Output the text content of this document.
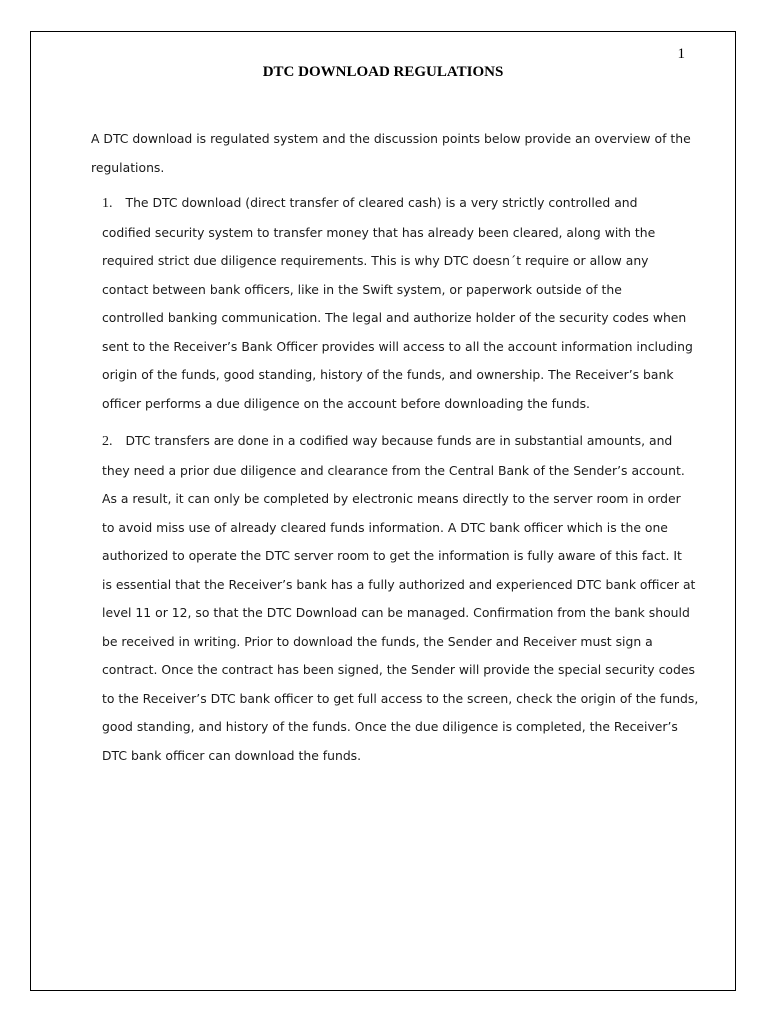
1
DTC DOWNLOAD REGULATIONS

A DTC download is regulated system and the discussion points below provide an overview of the
regulations.

1. The DTC download (direct transfer of cleared cash) is a very strictly controlled and
codified security system to transfer money that has already been cleared, along with the
required strict due diligence requirements. This is why DTC doesn´t require or allow any
contact between bank officers, like in the Swift system, or paperwork outside of the
controlled banking communication. The legal and authorize holder of the security codes when
sent to the Receiver’s Bank Officer provides will access to all the account information including
origin of the funds, good standing, history of the funds, and ownership. The Receiver’s bank
officer performs a due diligence on the account before downloading the funds.

2. DTC transfers are done in a codified way because funds are in substantial amounts, and
they need a prior due diligence and clearance from the Central Bank of the Sender’s account.
As a result, it can only be completed by electronic means directly to the server room in order
to avoid miss use of already cleared funds information. A DTC bank officer which is the one
authorized to operate the DTC server room to get the information is fully aware of this fact. It
is essential that the Receiver’s bank has a fully authorized and experienced DTC bank officer at
level 11 or 12, so that the DTC Download can be managed. Confirmation from the bank should
be received in writing. Prior to download the funds, the Sender and Receiver must sign a
contract. Once the contract has been signed, the Sender will provide the special security codes
to the Receiver’s DTC bank officer to get full access to the screen, check the origin of the funds,
good standing, and history of the funds. Once the due diligence is completed, the Receiver’s
DTC bank officer can download the funds.
